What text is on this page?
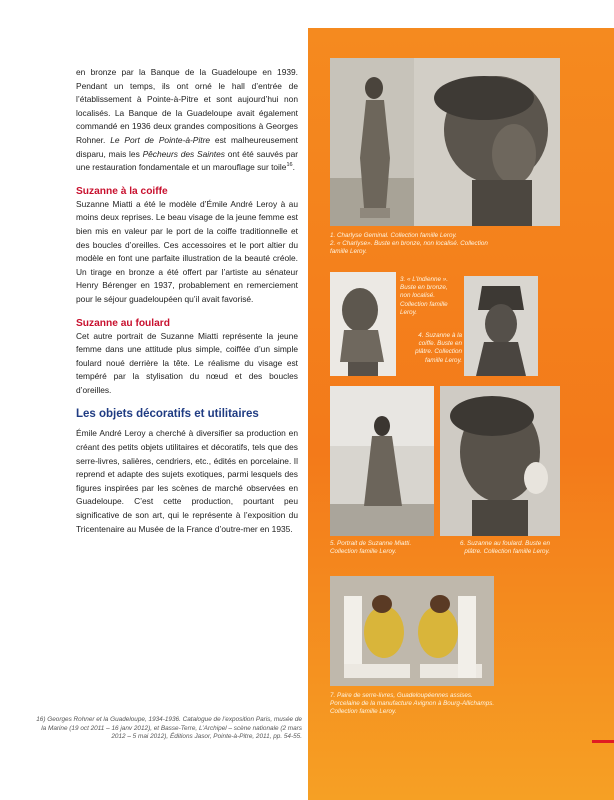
en bronze par la Banque de la Guadeloupe en 1939. Pendant un temps, ils ont orné le hall d’entrée de l’établissement à Pointe-à-Pitre et sont aujourd’hui non localisés. La Banque de la Guadeloupe avait également commandé en 1936 deux grandes compositions à Georges Rohner. Le Port de Pointe-à-Pitre est malheureusement disparu, mais les Pêcheurs des Saintes ont été sauvés par une restauration fondamentale et un marouflage sur toile$^{16}$.

Suzanne à la coiffe

Suzanne Miatti a été le modèle d’Émile André Leroy à au moins deux reprises. Le beau visage de la jeune femme est bien mis en valeur par le port de la coiffe traditionnelle et des boucles d’oreilles. Ces accessoires et le port altier du modèle en font une parfaite illustration de la beauté créole. Un tirage en bronze a été offert par l’artiste au sénateur Henry Bérenger en 1937, probablement en remerciement pour le séjour guadeloupéen qu’il avait favorisé.

Suzanne au foulard

Cet autre portrait de Suzanne Miatti représente la jeune femme dans une attitude plus simple, coiffée d’un simple foulard noué derrière la tête. Le réalisme du visage est tempéré par la stylisation du nœud et des boucles d’oreilles.

Les objets décoratifs et utilitaires

Émile André Leroy a cherché à diversifier sa production en créant des petits objets utilitaires et décoratifs, tels que des serre-livres, salières, cendriers, etc., édités en porcelaine. Il reprend et adapte des sujets exotiques, parmi lesquels des figures inspirées par les scènes de marché observées en Guadeloupe. C’est cette production, pourtant peu significative de son art, qui le représente à l’exposition du Tricentenaire au Musée de la France d’outre-mer en 1935.

16) Georges Rohner et la Guadeloupe, 1934-1936. Catalogue de l’exposition Paris, musée de la Marine (19 oct 2011 – 16 janv 2012), et Basse-Terre, L’Archipel – scène nationale (2 mars 2012 – 5 mai 2012), Éditions Jasor, Pointe-à-Pitre, 2011, pp. 54-55.
1. Charlyse Geminal. Collection famille Leroy.
2. « Charlyse». Buste en bronze, non localisé. Collection famille Leroy.
3. « L’Indienne ». Buste en bronze, non localisé. Collection famille Leroy.
4. Suzanne à la coiffe. Buste en plâtre. Collection famille Leroy.
5. Portrait de Suzanne Miatti. Collection famille Leroy.
6. Suzanne au foulard. Buste en plâtre. Collection famille Leroy.
7. Paire de serre-livres, Guadeloupéennes assises. Porcelaine de la manufacture Avignon à Bourg-Allichamps. Collection famille Leroy.
